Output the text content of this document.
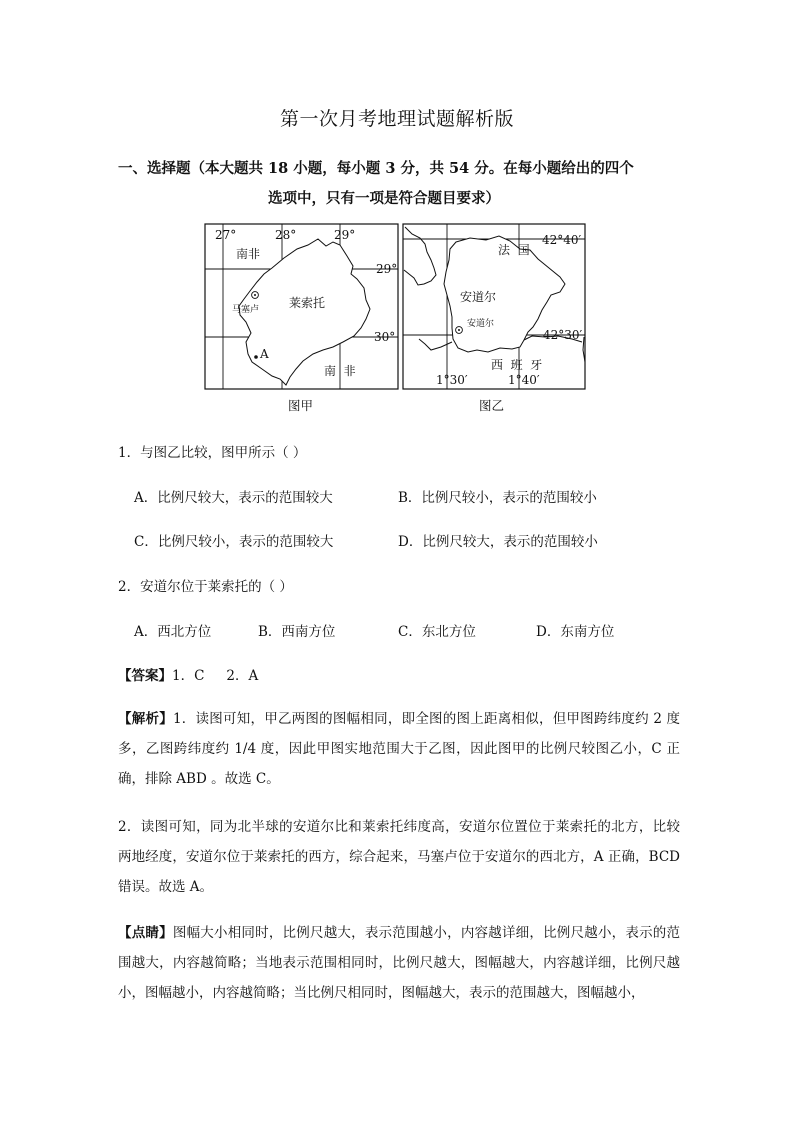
第一次月考地理试题解析版
一、选择题（本大题共 18 小题，每小题 3 分，共 54 分。在每小题给出的四个
选项中，只有一项是符合题目要求）
27°	28°	29°
29°
30°
南非
莱索托
马塞卢
A
南  非
法  国
42°40′
安道尔
安道尔
42°30′
西  班  牙
1°30′	1°40′
图甲	图乙
1．与图乙比较，图甲所示（ ）
A．比例尺较大，表示的范围较大	B．比例尺较小，表示的范围较小
C．比例尺较小，表示的范围较大	D．比例尺较大，表示的范围较小
2．安道尔位于莱索托的（ ）
A．西北方位	B．西南方位	C．东北方位	D．东南方位
【答案】1．C 2．A
【解析】1．读图可知，甲乙两图的图幅相同，即全图的图上距离相似，但甲图跨纬度约 2 度多，乙图跨纬度约 1/4 度，因此甲图实地范围大于乙图，因此图甲的比例尺较图乙小，C 正确，排除 ABD 。故选 C。
2．读图可知，同为北半球的安道尔比和莱索托纬度高，安道尔位置位于莱索托的北方，比较两地经度，安道尔位于莱索托的西方，综合起来，马塞卢位于安道尔的西北方，A 正确，BCD 错误。故选 A。
【点睛】图幅大小相同时，比例尺越大，表示范围越小，内容越详细，比例尺越小，表示的范围越大，内容越简略；当地表示范围相同时，比例尺越大，图幅越大，内容越详细，比例尺越小，图幅越小，内容越简略；当比例尺相同时，图幅越大，表示的范围越大，图幅越小，
